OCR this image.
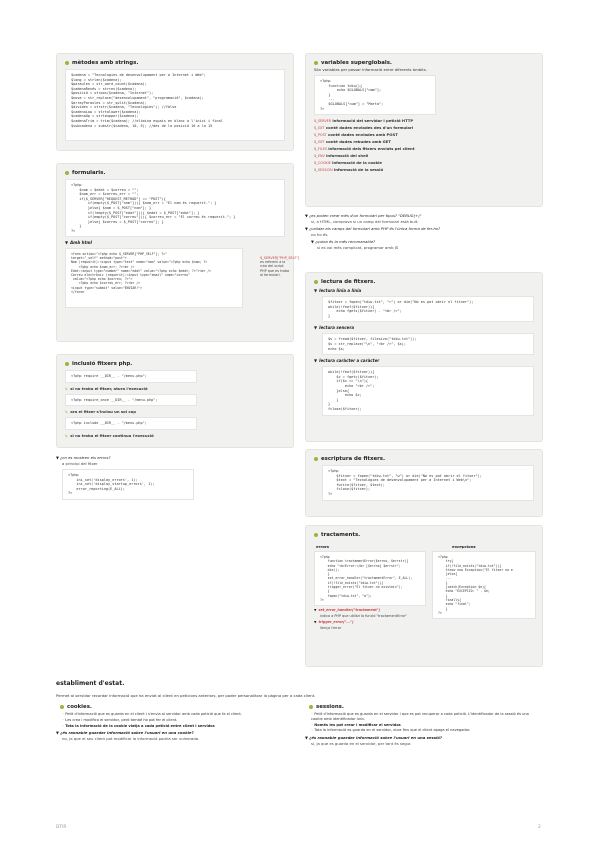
mètodes amb strings.
$cadena = "Tecnologies de desenvolupament per a Internet i Web";
$long = strlen($cadena);
$paraules = str_word_count($cadena);
$cadenaRevés = strrev($cadena);
$posició = strpos($cadena, "Internet");
$nova = str_replace("desenvolupament", "programació", $cadena);
$arrayParaules = str_split($cadena);
$dividex = strstr($cadena, "Tecnologies"); //fàlse
$cadenaLow = strtolower($cadena);
$cadenaUp = strtoupper($cadena);
$cadenaTrim = trim($cadena); //elimina espais en blanc a l'inici i final
$subcadena = substr($cadena, 10, 5); //des de la posició 10 a la 15
formularis.
<?php
$nom = $edat = $correu = "";
$nom_err = $correu_err = "";
if($_SERVER["REQUEST_METHOD"] == "POST"){
if(empty($_POST["nom"])){ $nom_err = "El nom és requerit."; }
}else{ $nom = $_POST["nom"]; }
if(!empty($_POST["edat"])){ $edat = $_POST["edat"]; }
if(empty($_POST["correu"])){ $correu_err = "El correu és requerit."; }
}else{ $correu = $_POST["correu"]; }
}
?>
▼ Amb html
<form action="<?php echo $_SERVER["PHP_SELF"]; ?>"
target="_self" method="post">
Nom (requerit):<input type="text" name="nom" value="<?php echo $nom; ?>
<?php echo $nom_err; ?><br />
Edat:<input type="number" name="edat" value="<?php echo $edat; ?>"><br />
Correu electrònic (requerit):<input type="email" name="correu"
value="<?php echo $correu; ?>">
<?php echo $correu_err; ?><br />
<input type="submit" value="ENVIAR!">
</form>
$_SERVER["PHP_SELF"]
es referein a la ruta del script PHP que es troba al formulari.
inclusió fitxers php.
<?php require __DIR__ . "/menu.php";
↳ si no troba el fitxer, atura l'execució
<?php require_once __DIR__ . "/menu.php";
↳ ara el fitxer s'inclou un sol cop
<?php include __DIR__ . "/menu.php";
↳ si no troba el fitxer continua l'execució
▼ ¿on es mostren els errors?
a principi del fitxer
<?php
ini_set('display_errors', 1);
ini_set('display_startup_errors', 1);
error_reporting(E_ALL);
?>
variables superglobals.
Són variables per passar informació entre diferents àmbits.
<?php
function tdiw(){
echo $GLOBALS["nom"];
}
...
$GLOBALS["num"] = "Marta";
?>
$_SERVER informació del servidor i petició HTTP
$_GET conté dades enviades des d'un formulari
$_POST conté dades enviades amb POST
$_GET conté dades rebudes amb GET
$_FILES informació dels fitxers enviats pel client
$_ENV informació del shell
$_COOKIE informació de la cookie
$_SESSION informació de la sessió
▼ ¿es poden crear més d'un formulari per tipus? "DEBUG(+)"
sí, a HTML, comprova si un camp del formulari està buit.
▼ ¿validar els camps del formulari amb PHP és l'única forma de fer-ho?
no ho és.
▼ ¿quina és la més recomanable?
si es vol més complicat, programar amb JS
lectura de fitxers.
▼ lectura línia a línia
$fitxer = fopen("tdiw.txt", "r") or die("No es pot obrir el fitxer");
while(!feof($fitxer)){
echo fgets($fitxer) . "<br />";
}
▼ lectura sencera
$s = fread($fitxer, filesize("tdiw.txt"));
$s = str_replace("\n", "<br />", $s);
echo $s;
▼ lectura caràcter a caràcter
while(!feof($fitxer)){
$c = fgetc($fitxer);
if($c == "\n"){
echo "<br />";
}else{
echo $c;
}
}
fclose($fitxer);
escriptura de fitxers.
<?php
$fitxer = fopen("tdiw.txt", "w") or die("No es pot obrir el fitxer");
$text = "Tecnologies de desenvolupament per a Internet i Web\n";
fwrite($fitxer, $text);
fclose($fitxer);
?>
tractaments.
errors
<?php
function tractamentError($errno, $errstr){
echo "<b>Error:</b> [$errno] $errstr";
die();
}
set_error_handler("tractamentError", E_ALL);
if(!file_exists("tdiw.txt")){
trigger_error("El fitxer no existeix");
}
fopen("tdiw.txt", "w");
?>
▼ set_error_handler("tractament")
indica a PHP que utilitzi la funció "tractamentError"
▼ trigger_error("...")
llença l'error
excepcions
<?php
try{
if(!file_exists("tdiw.txt")){
throw new Exception("El fitxer no e
}else{
...
}
}catch(Exception $e){
echo "EXCEPCIÓ: " . $e;
}
finally{
echo "final";
}
?>
establiment d'estat.
Permet al servidor recordar informació que ha enviat al client en peticions anteriors, per poder personalitzar la pàgina per a cada client.
cookies.
◦ Petit d'informació que es guarda en el client i s'envia al servidor amb cada petició que fa el client.
◦ Les crea i modifica el servidor, però també ho pot fer el client.
◦ Tota la informació de la cookie viatja a cada petició entre client i servidor.
▼ ¿és raonable guardar informació sobre l'usuari en una cookie?
no, ja que el seu client pot modificar la informació podria ser vulnerada.
sessions.
◦ Petit d'informació que es guarda en el servidor i que es pot recuperar a cada petició. L'identificador de la sessió és una cookie amb identificador únic.
◦ Només les pot crear i modificar el servidor.
◦ Tota la informació es guarda en el servidor, dura fins que el client apaga el navegador.
▼ ¿és raonable guardar informació sobre l'usuari en una sessió?
sí, ja que es guarda en el servidor, per tant és segur.
DTIR	2
